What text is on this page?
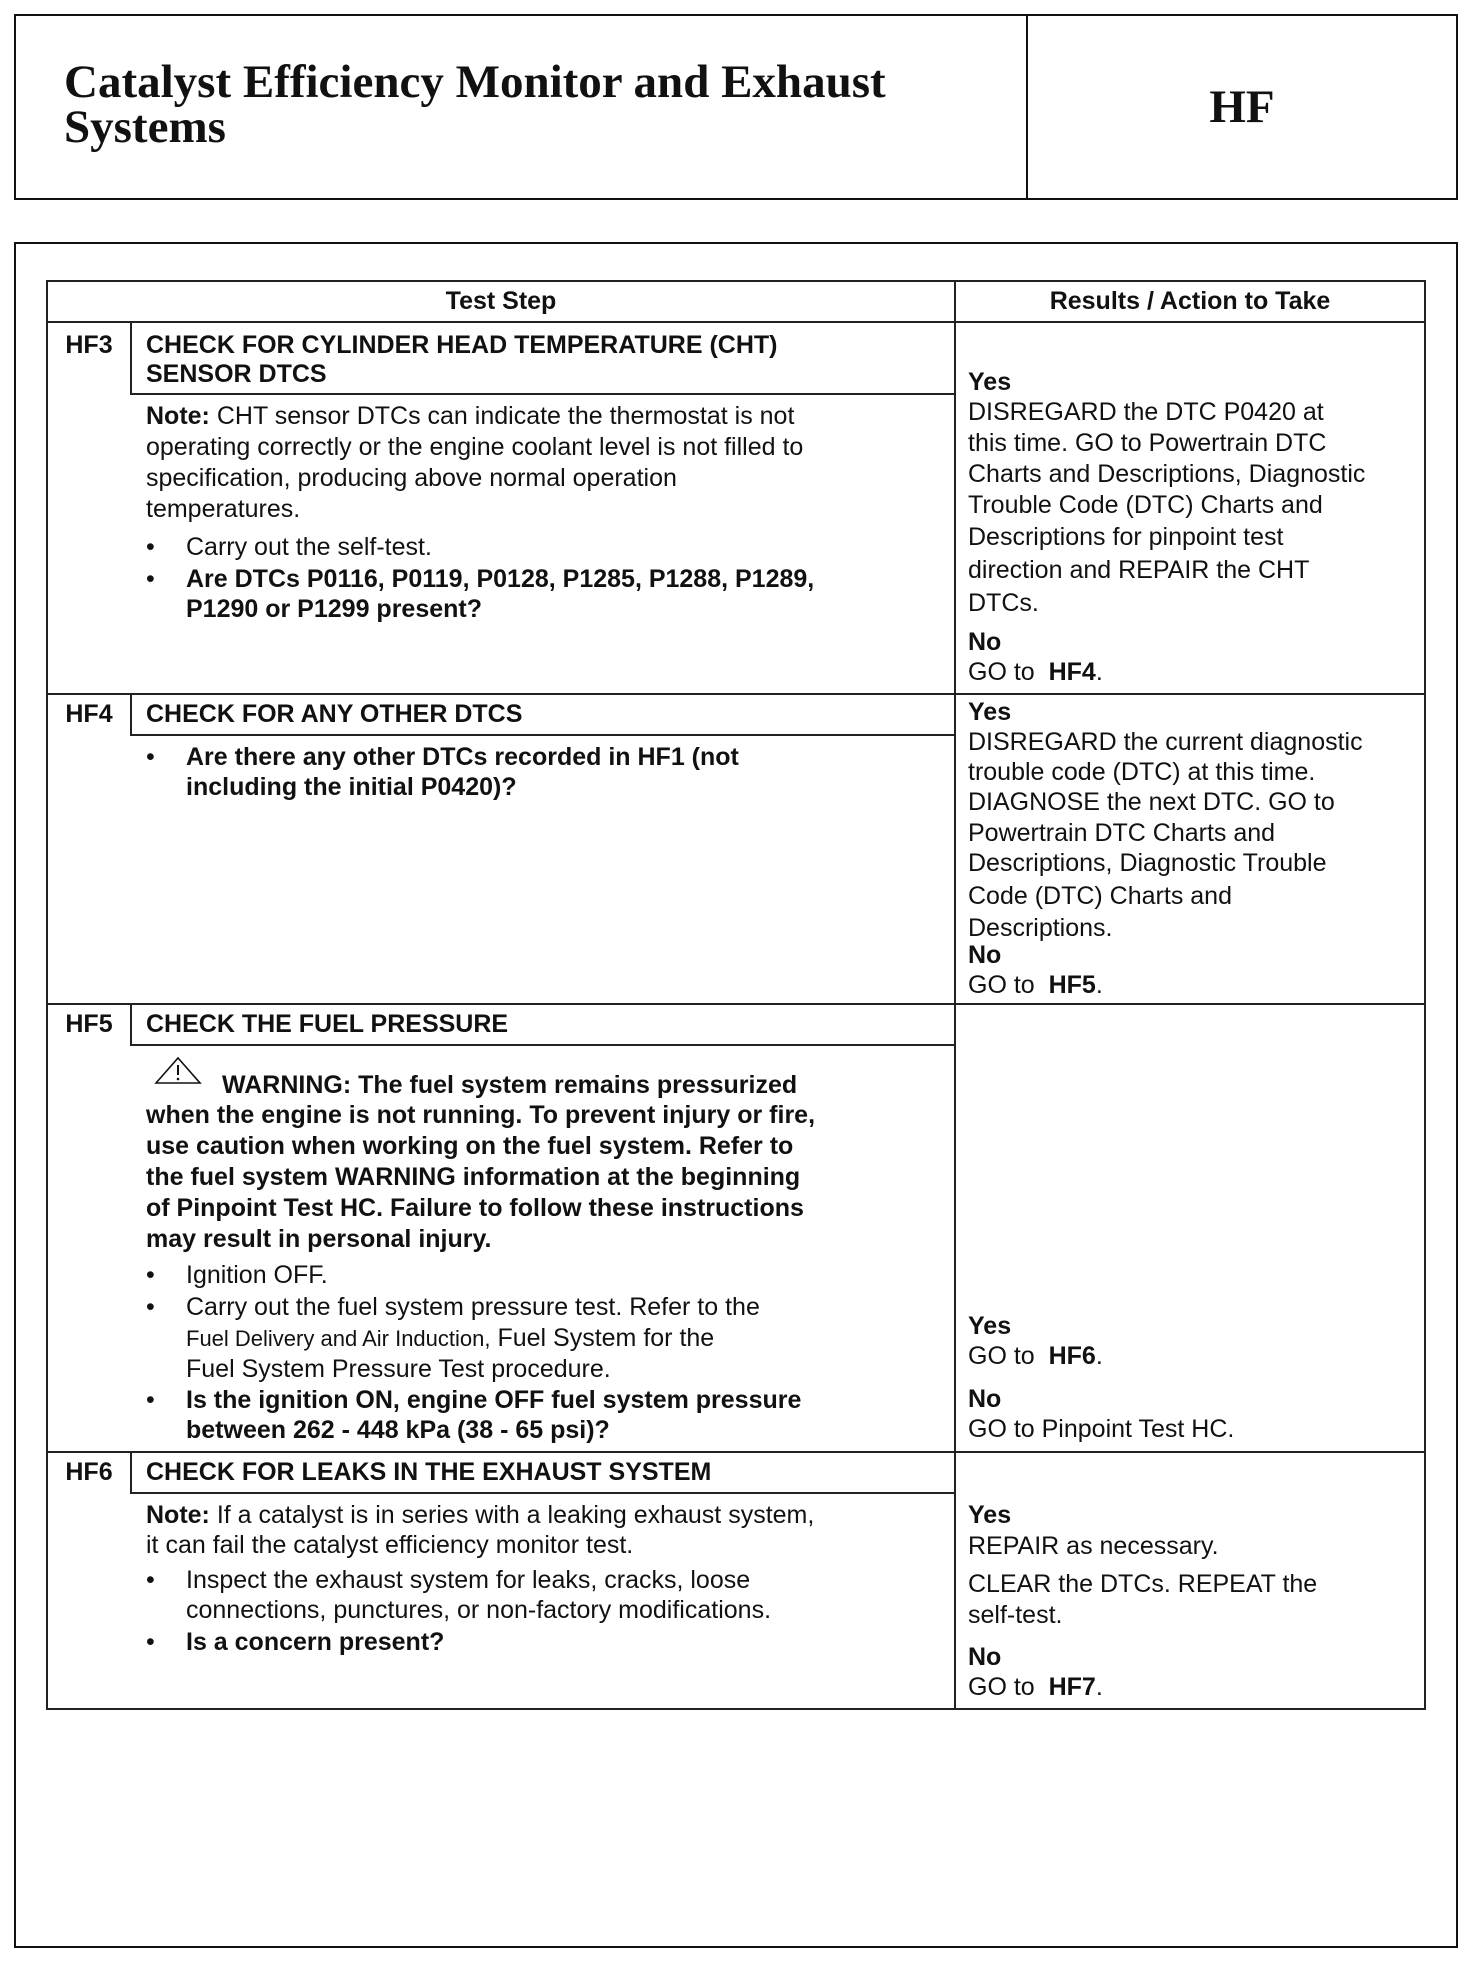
Catalyst Efficiency Monitor and Exhaust Systems	HF
Test Step	Results / Action to Take
HF3	CHECK FOR CYLINDER HEAD TEMPERATURE (CHT)
SENSOR DTCS
Note: CHT sensor DTCs can indicate the thermostat is not
operating correctly or the engine coolant level is not filled to
specification, producing above normal operation
temperatures.
• Carry out the self-test.
• Are DTCs P0116, P0119, P0128, P1285, P1288, P1289,
P1290 or P1299 present?
Yes
DISREGARD the DTC P0420 at
this time. GO to Powertrain DTC
Charts and Descriptions, Diagnostic
Trouble Code (DTC) Charts and
Descriptions for pinpoint test
direction and REPAIR the CHT
DTCs.
No
GO to HF4.
HF4	CHECK FOR ANY OTHER DTCS
• Are there any other DTCs recorded in HF1 (not
including the initial P0420)?
Yes
DISREGARD the current diagnostic
trouble code (DTC) at this time.
DIAGNOSE the next DTC. GO to
Powertrain DTC Charts and
Descriptions, Diagnostic Trouble
Code (DTC) Charts and
Descriptions.
No
GO to HF5.
HF5	CHECK THE FUEL PRESSURE
WARNING: The fuel system remains pressurized
when the engine is not running. To prevent injury or fire,
use caution when working on the fuel system. Refer to
the fuel system WARNING information at the beginning
of Pinpoint Test HC. Failure to follow these instructions
may result in personal injury.
• Ignition OFF.
• Carry out the fuel system pressure test. Refer to the
Fuel Delivery and Air Induction, Fuel System for the
Fuel System Pressure Test procedure.
• Is the ignition ON, engine OFF fuel system pressure
between 262 - 448 kPa (38 - 65 psi)?
Yes
GO to HF6.
No
GO to Pinpoint Test HC.
HF6	CHECK FOR LEAKS IN THE EXHAUST SYSTEM
Note: If a catalyst is in series with a leaking exhaust system,
it can fail the catalyst efficiency monitor test.
• Inspect the exhaust system for leaks, cracks, loose
connections, punctures, or non-factory modifications.
• Is a concern present?
Yes
REPAIR as necessary.
CLEAR the DTCs. REPEAT the
self-test.
No
GO to HF7.
